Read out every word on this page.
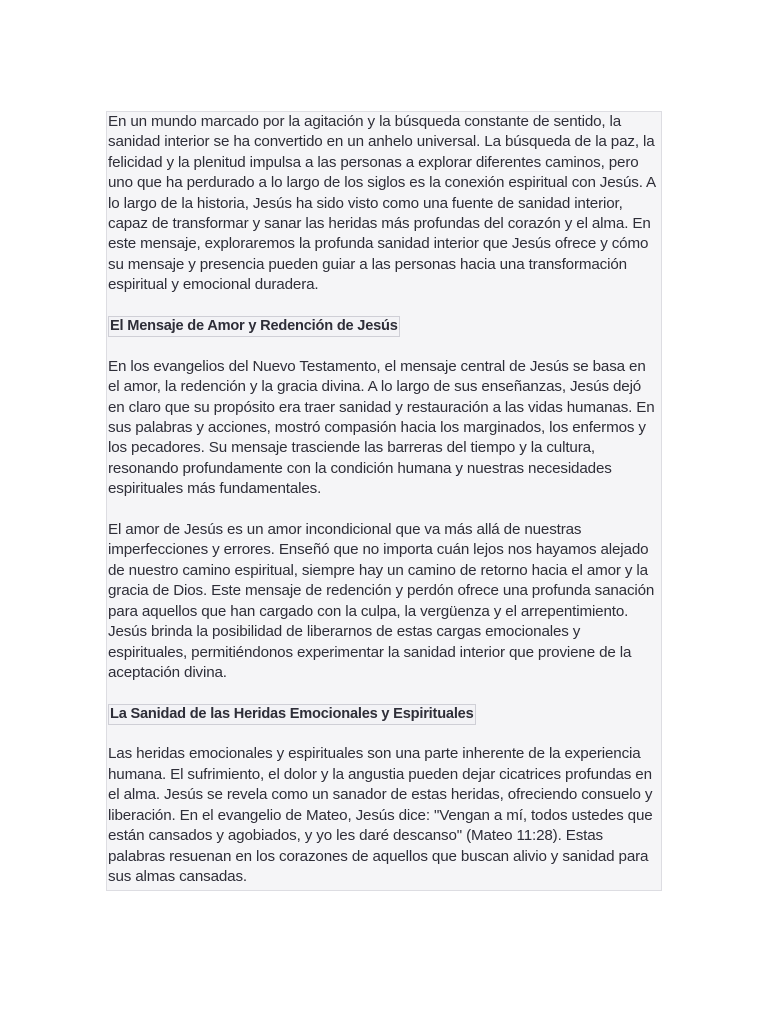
En un mundo marcado por la agitación y la búsqueda constante de sentido, la sanidad interior se ha convertido en un anhelo universal. La búsqueda de la paz, la felicidad y la plenitud impulsa a las personas a explorar diferentes caminos, pero uno que ha perdurado a lo largo de los siglos es la conexión espiritual con Jesús. A lo largo de la historia, Jesús ha sido visto como una fuente de sanidad interior, capaz de transformar y sanar las heridas más profundas del corazón y el alma. En este mensaje, exploraremos la profunda sanidad interior que Jesús ofrece y cómo su mensaje y presencia pueden guiar a las personas hacia una transformación espiritual y emocional duradera.

El Mensaje de Amor y Redención de Jesús

En los evangelios del Nuevo Testamento, el mensaje central de Jesús se basa en el amor, la redención y la gracia divina. A lo largo de sus enseñanzas, Jesús dejó en claro que su propósito era traer sanidad y restauración a las vidas humanas. En sus palabras y acciones, mostró compasión hacia los marginados, los enfermos y los pecadores. Su mensaje trasciende las barreras del tiempo y la cultura, resonando profundamente con la condición humana y nuestras necesidades espirituales más fundamentales.

El amor de Jesús es un amor incondicional que va más allá de nuestras imperfecciones y errores. Enseñó que no importa cuán lejos nos hayamos alejado de nuestro camino espiritual, siempre hay un camino de retorno hacia el amor y la gracia de Dios. Este mensaje de redención y perdón ofrece una profunda sanación para aquellos que han cargado con la culpa, la vergüenza y el arrepentimiento. Jesús brinda la posibilidad de liberarnos de estas cargas emocionales y espirituales, permitiéndonos experimentar la sanidad interior que proviene de la aceptación divina.

La Sanidad de las Heridas Emocionales y Espirituales

Las heridas emocionales y espirituales son una parte inherente de la experiencia humana. El sufrimiento, el dolor y la angustia pueden dejar cicatrices profundas en el alma. Jesús se revela como un sanador de estas heridas, ofreciendo consuelo y liberación. En el evangelio de Mateo, Jesús dice: "Vengan a mí, todos ustedes que están cansados y agobiados, y yo les daré descanso" (Mateo 11:28). Estas palabras resuenan en los corazones de aquellos que buscan alivio y sanidad para sus almas cansadas.
